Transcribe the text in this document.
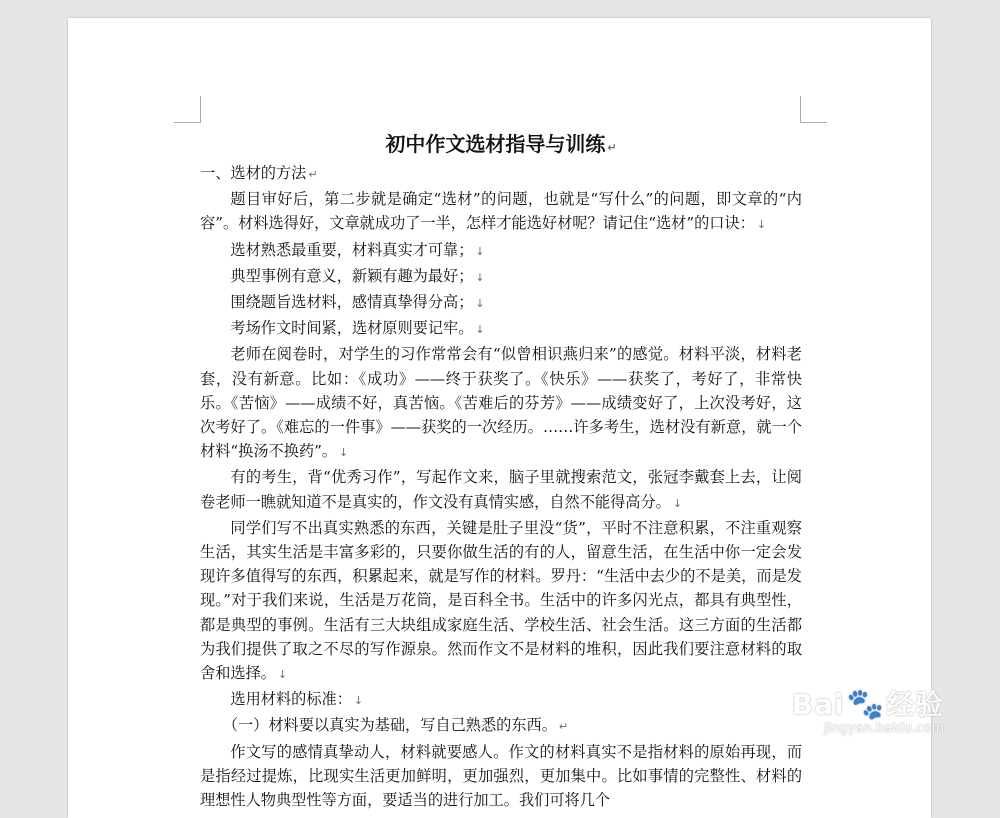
初中作文选材指导与训练 ↵

一、选材的方法 ↵

题目审好后，第二步就是确定“选材”的问题，也就是“写什么”的问题，即文章的“内容”。材料选得好，文章就成功了一半，怎样才能选好材呢？请记住“选材”的口诀： ↓

选材熟悉最重要，材料真实才可靠； ↓

典型事例有意义，新颖有趣为最好； ↓

围绕题旨选材料，感情真挚得分高； ↓

考场作文时间紧，选材原则要记牢。 ↓

老师在阅卷时，对学生的习作常常会有“似曾相识燕归来”的感觉。材料平淡，材料老套，没有新意。比如：《成功》——终于获奖了。《快乐》——获奖了，考好了，非常快乐。《苦恼》——成绩不好，真苦恼。《苦难后的芬芳》——成绩变好了，上次没考好，这次考好了。《难忘的一件事》——获奖的一次经历。……许多考生，选材没有新意，就一个材料“换汤不换药”。 ↓

有的考生，背“优秀习作”，写起作文来，脑子里就搜索范文，张冠李戴套上去，让阅卷老师一瞧就知道不是真实的，作文没有真情实感，自然不能得高分。 ↓

同学们写不出真实熟悉的东西，关键是肚子里没“货”，平时不注意积累，不注重观察生活，其实生活是丰富多彩的，只要你做生活的有的人，留意生活，在生活中你一定会发现许多值得写的东西，积累起来，就是写作的材料。罗丹：“生活中去少的不是美，而是发现。”对于我们来说，生活是万花筒，是百科全书。生活中的许多闪光点，都具有典型性，都是典型的事例。生活有三大块组成家庭生活、学校生活、社会生活。这三方面的生活都为我们提供了取之不尽的写作源泉。然而作文不是材料的堆积，因此我们要注意材料的取舍和选择。 ↓

选用材料的标准： ↓

（一）材料要以真实为基础，写自己熟悉的东西。 ↵

作文写的感情真挚动人，材料就要感人。作文的材料真实不是指材料的原始再现，而是指经过提炼，比现实生活更加鲜明，更加强烈，更加集中。比如事情的完整性、材料的理想性人物典型性等方面，要适当的进行加工。我们可将几个

Bai🐾经验
jingyan.baidu.com
